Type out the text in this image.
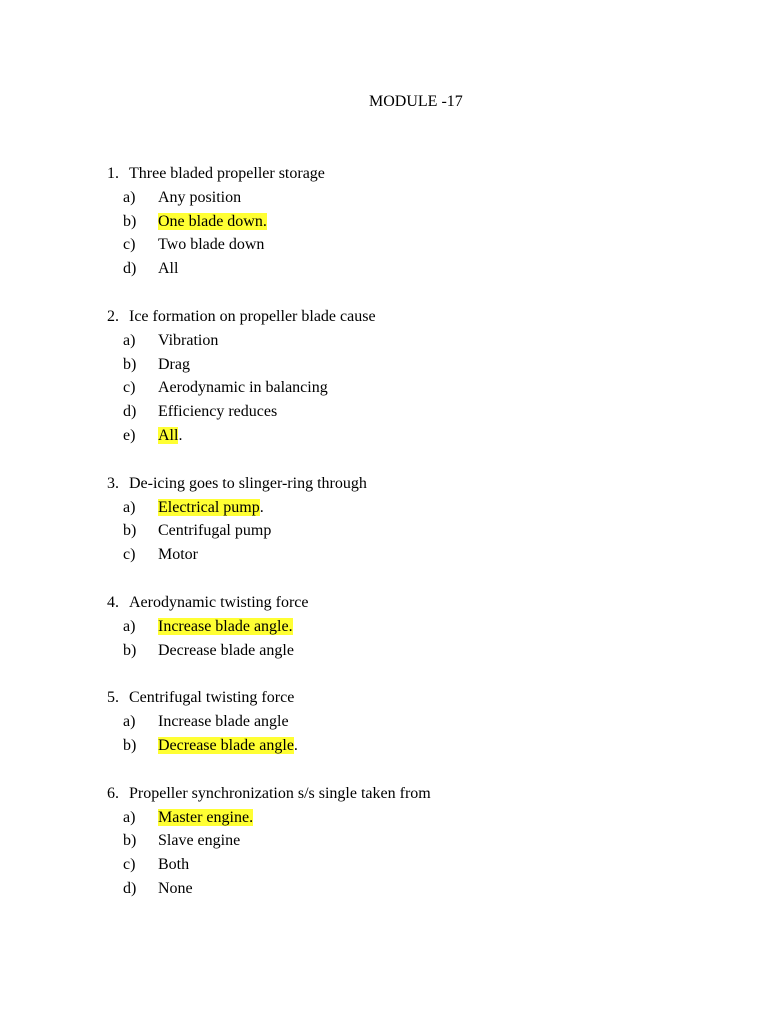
MODULE -17
1. Three bladed propeller storage
a) Any position
b) One blade down.
c) Two blade down
d) All
2. Ice formation on propeller blade cause
a) Vibration
b) Drag
c) Aerodynamic in balancing
d) Efficiency reduces
e) All.
3. De-icing goes to slinger-ring through
a) Electrical pump.
b) Centrifugal pump
c) Motor
4. Aerodynamic twisting force
a) Increase blade angle.
b) Decrease blade angle
5. Centrifugal twisting force
a) Increase blade angle
b) Decrease blade angle.
6. Propeller synchronization s/s single taken from
a) Master engine.
b) Slave engine
c) Both
d) None
